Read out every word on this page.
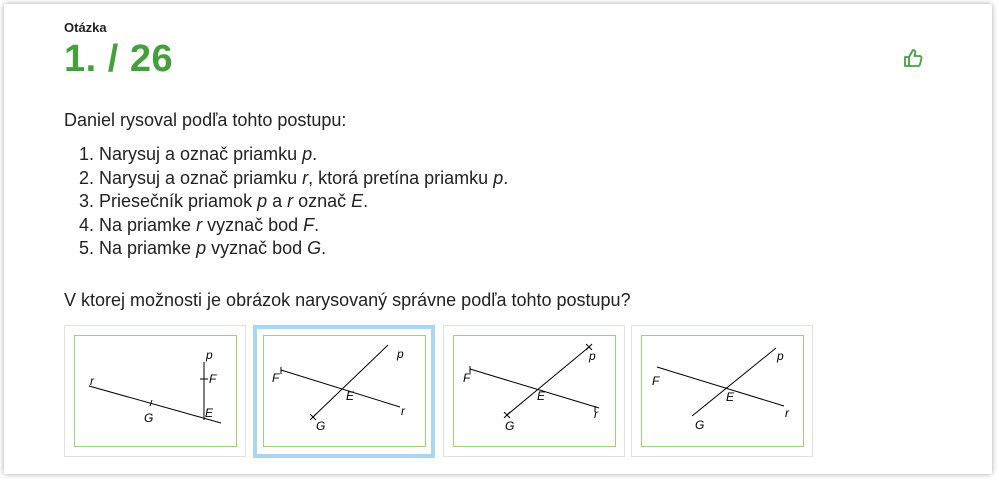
Otázka
1. / 26
Daniel rysoval podľa tohto postupu:
1. Narysuj a označ priamku p.
2. Narysuj a označ priamku r, ktorá pretína priamku p.
3. Priesečník priamok p a r označ E.
4. Na priamke r vyznač bod F.
5. Na priamke p vyznač bod G.
V ktorej možnosti je obrázok narysovaný správne podľa tohto postupu?
p
r	F
E
G
p
r
F
E
G
p
r
F
E
G
p
r
F
E
G
